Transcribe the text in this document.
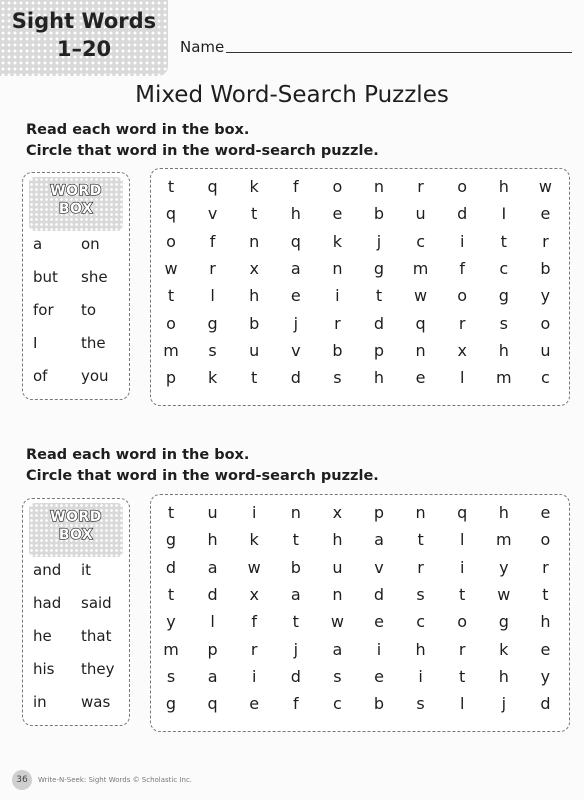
Sight Words
1–20	Name
Mixed Word-Search Puzzles
Read each word in the box.
Circle that word in the word-search puzzle.
WORD
BOX
a	on
but she
for to
I	the
of you
t	q	k	f	o	n	r	o	h	w
q	v	t	h	e	b	u	d	I	e
o	f	n	q	k	j	c	i	t	r
w	r	x	a	n	g	m	f	c	b
t	l	h	e	i	t	w	o	g	y
o	g	b	j	r	d	q	r	s	o
m	s	u	v	b	p	n	x	h	u
p	k	t	d	s	h	e	l	m	c
Read each word in the box.
Circle that word in the word-search puzzle.
WORD
BOX
and it
had said
he that
his they
in was
t	u	i	n	x	p	n	q	h	e
g	h	k	t	h	a	t	l	m	o
d	a	w	b	u	v	r	i	y	r
t	d	x	a	n	d	s	t	w	t
y	l	f	t	w	e	c	o	g	h
m	p	r	j	a	i	h	r	k	e
s	a	i	d	s	e	i	t	h	y
g	q	e	f	c	b	s	l	j	d
36	Write-N-Seek: Sight Words © Scholastic Inc.
